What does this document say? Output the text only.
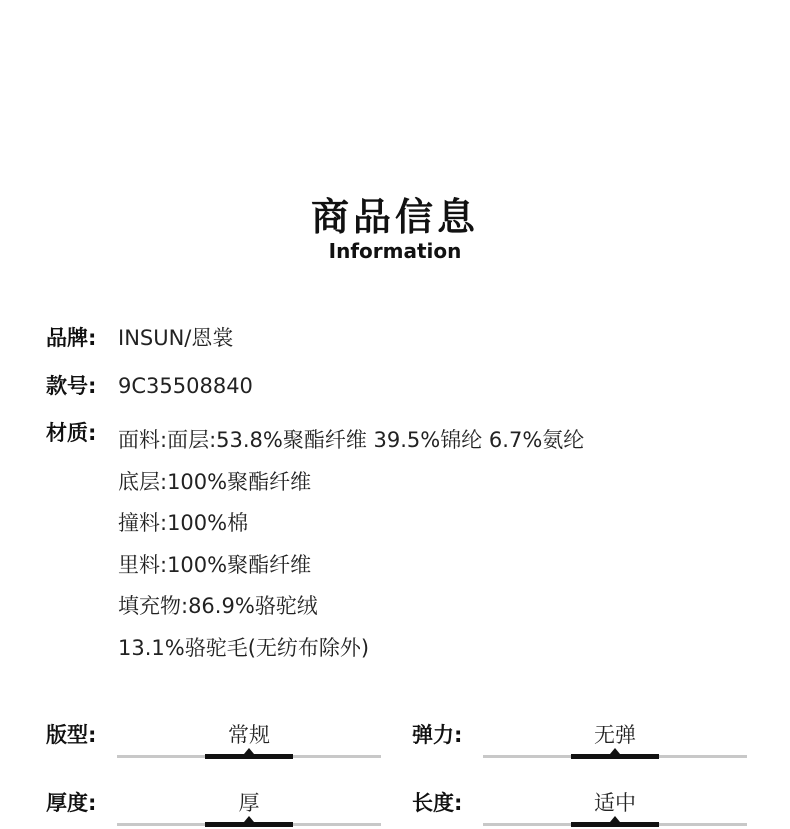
商品信息
Information
品牌: INSUN/恩裳
款号: 9C35508840
材质: 面料:面层:53.8%聚酯纤维 39.5%锦纶 6.7%氨纶
底层:100%聚酯纤维
撞料:100%棉
里料:100%聚酯纤维
填充物:86.9%骆驼绒
13.1%骆驼毛(无纺布除外)
版型:	常规	弹力:	无弹
厚度:	厚	长度:	适中
